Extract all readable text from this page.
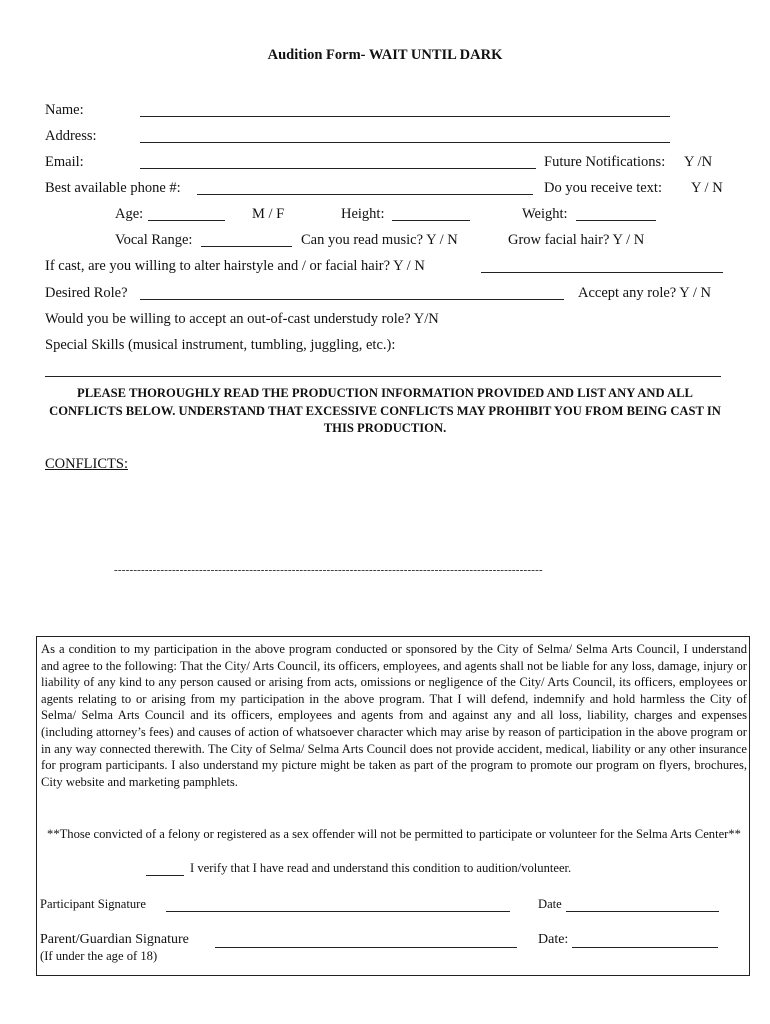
Audition Form- WAIT UNTIL DARK
Name:
Address:
Email:	Future Notifications: Y /N
Best available phone #:	Do you receive text: Y / N
Age:	M / F	Height:	Weight:
Vocal Range:	Can you read music? Y / N	Grow facial hair? Y / N
If cast, are you willing to alter hairstyle and / or facial hair? Y / N
Desired Role?	Accept any role? Y / N
Would you be willing to accept an out-of-cast understudy role? Y/N
Special Skills (musical instrument, tumbling, juggling, etc.):
PLEASE THOROUGHLY READ THE PRODUCTION INFORMATION PROVIDED AND LIST ANY AND ALL CONFLICTS BELOW. UNDERSTAND THAT EXCESSIVE CONFLICTS MAY PROHIBIT YOU FROM BEING CAST IN THIS PRODUCTION.
CONFLICTS:
---------------------------------------------------------------------------------------------------------------
As a condition to my participation in the above program conducted or sponsored by the City of Selma/ Selma Arts Council, I understand and agree to the following: That the City/ Arts Council, its officers, employees, and agents shall not be liable for any loss, damage, injury or liability of any kind to any person caused or arising from acts, omissions or negligence of the City/ Arts Council, its officers, employees or agents relating to or arising from my participation in the above program. That I will defend, indemnify and hold harmless the City of Selma/ Selma Arts Council and its officers, employees and agents from and against any and all loss, liability, charges and expenses (including attorney’s fees) and causes of action of whatsoever character which may arise by reason of participation in the above program or in any way connected therewith. The City of Selma/ Selma Arts Council does not provide accident, medical, liability or any other insurance for program participants. I also understand my picture might be taken as part of the program to promote our program on flyers, brochures, City website and marketing pamphlets.
**Those convicted of a felony or registered as a sex offender will not be permitted to participate or volunteer for the Selma Arts Center**
I verify that I have read and understand this condition to audition/volunteer.
Participant Signature	Date
Parent/Guardian Signature	Date:
(If under the age of 18)
